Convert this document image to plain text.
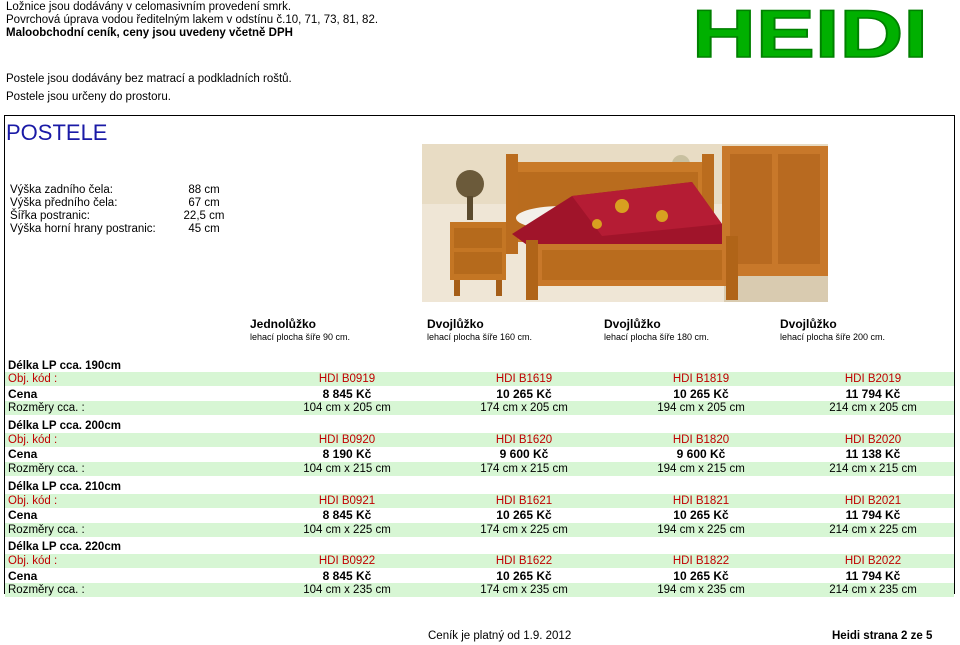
Ložnice jsou dodávány v celomasivním provedení smrk.
Povrchová úprava vodou ředitelným lakem v odstínu č.10, 71, 73, 81, 82.
Maloobchodní ceník, ceny jsou uvedeny včetně DPH
Postele jsou dodávány bez matrací a podkladních roštů.
Postele jsou určeny do prostoru.
HEIDI
POSTELE
Výška zadního čela:	88 cm
Výška předního čela:	67 cm
Šířka postranic:	22,5 cm
Výška horní hrany postranic:	45 cm
Jednolůžko
lehací plocha šíře 90 cm.
Dvojlůžko
lehací plocha šíře 160 cm.
Dvojlůžko
lehací plocha šíře 180 cm.
Dvojlůžko
lehací plocha šíře 200 cm.
Délka LP cca. 190cm
Obj. kód :	HDI B0919	HDI B1619	HDI B1819	HDI B2019
Cena	8 845 Kč	10 265 Kč	10 265 Kč	11 794 Kč
Rozměry cca. :	104 cm x 205 cm	174 cm x 205 cm	194 cm x 205 cm	214 cm x 205 cm
Délka LP cca. 200cm
Obj. kód :	HDI B0920	HDI B1620	HDI B1820	HDI B2020
Cena	8 190 Kč	9 600 Kč	9 600 Kč	11 138 Kč
Rozměry cca. :	104 cm x 215 cm	174 cm x 215 cm	194 cm x 215 cm	214 cm x 215 cm
Délka LP cca. 210cm
Obj. kód :	HDI B0921	HDI B1621	HDI B1821	HDI B2021
Cena	8 845 Kč	10 265 Kč	10 265 Kč	11 794 Kč
Rozměry cca. :	104 cm x 225 cm	174 cm x 225 cm	194 cm x 225 cm	214 cm x 225 cm
Délka LP cca. 220cm
Obj. kód :	HDI B0922	HDI B1622	HDI B1822	HDI B2022
Cena	8 845 Kč	10 265 Kč	10 265 Kč	11 794 Kč
Rozměry cca. :	104 cm x 235 cm	174 cm x 235 cm	194 cm x 235 cm	214 cm x 235 cm
Ceník je platný od 1.9. 2012	Heidi strana 2 ze 5
